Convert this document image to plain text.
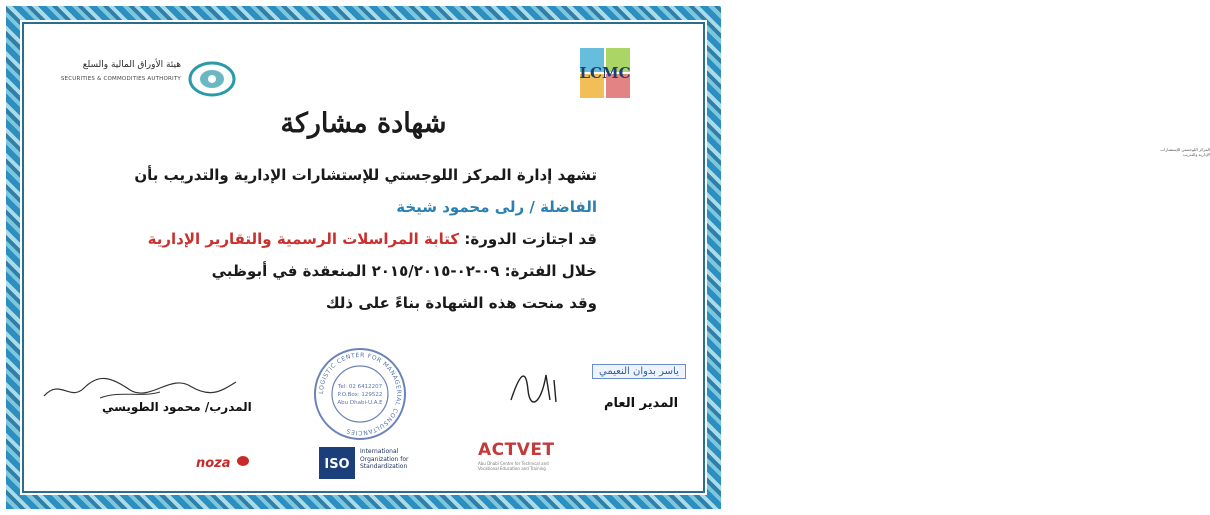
هيئة الأوراق المالية والسلع
SECURITIES & COMMODITIES AUTHORITY	LCMC
المركز اللوجستي للإستشارات الإدارية والتدريب
شهادة مشاركة
تشهد إدارة المركز اللوجستي للإستشارات الإدارية والتدريب بأن
الفاضلة / رلى محمود شيخة
قد اجتازت الدورة: كتابة المراسلات الرسمية والتقارير الإدارية
خلال الفترة: ٠٩-٠٢-٢٠١٥/٢٠١٥ المنعقدة في أبوظبي
وقد منحت هذه الشهادة بناءً على ذلك
ياسر بدوان النعيمي
المدير العام
المدرب/ محمود الطويسي
LOGISTIC CENTER FOR MANAGERIAL CONSULTANCIES
Tel: 02 6412207
P.O.Box: 129522
Abu Dhabi-U.A.E
noza	ISO
International
Organization for
Standardization
ACTVET
Abu Dhabi Centre for Technical and Vocational Education and Training
